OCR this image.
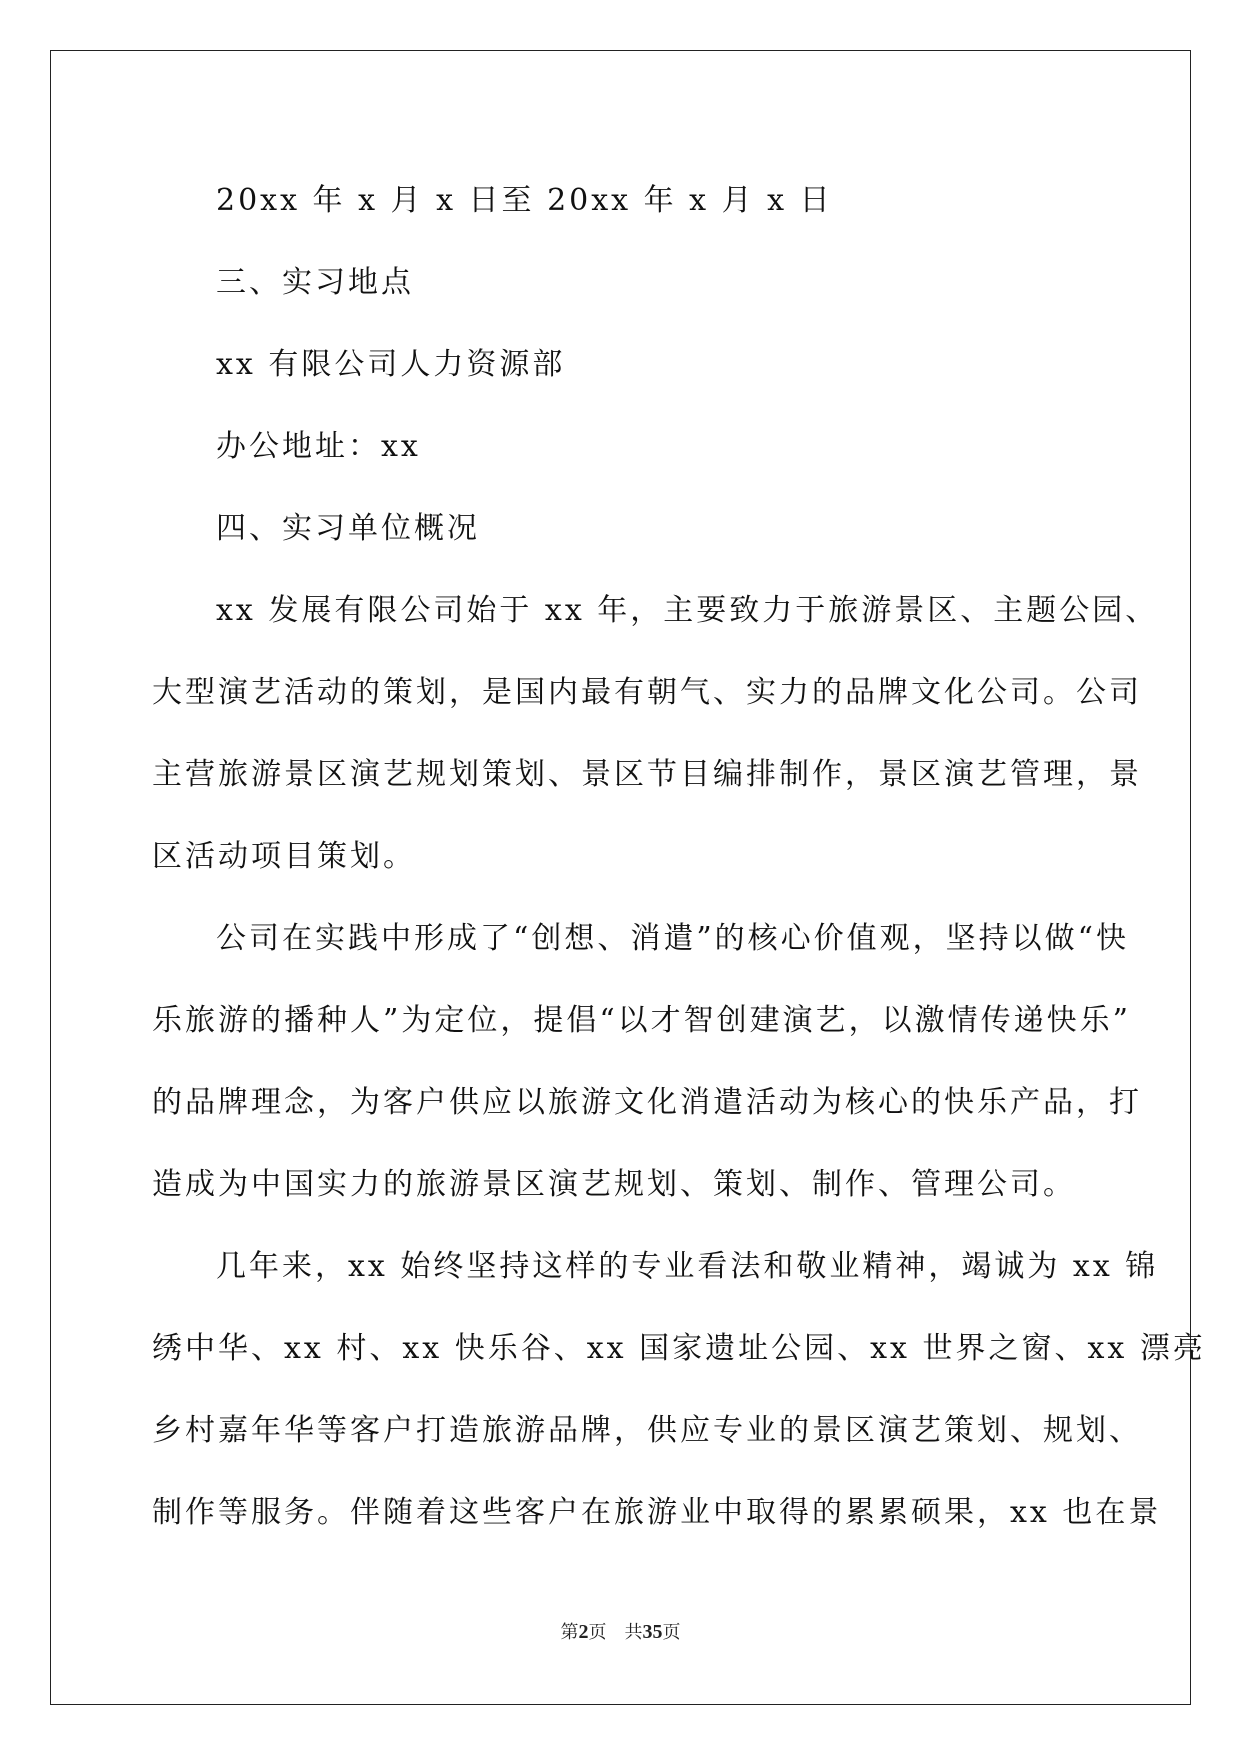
20xx 年 x 月 x 日至 20xx 年 x 月 x 日
三、实习地点
xx 有限公司人力资源部
办公地址：xx
四、实习单位概况
xx 发展有限公司始于 xx 年，主要致力于旅游景区、主题公园、
大型演艺活动的策划，是国内最有朝气、实力的品牌文化公司。公司
主营旅游景区演艺规划策划、景区节目编排制作，景区演艺管理，景
区活动项目策划。
公司在实践中形成了“创想、消遣”的核心价值观，坚持以做“快
乐旅游的播种人”为定位，提倡“以才智创建演艺，以激情传递快乐”
的品牌理念，为客户供应以旅游文化消遣活动为核心的快乐产品，打
造成为中国实力的旅游景区演艺规划、策划、制作、管理公司。
几年来，xx 始终坚持这样的专业看法和敬业精神，竭诚为 xx 锦
绣中华、xx 村、xx 快乐谷、xx 国家遗址公园、xx 世界之窗、xx 漂亮
乡村嘉年华等客户打造旅游品牌，供应专业的景区演艺策划、规划、
制作等服务。伴随着这些客户在旅游业中取得的累累硕果，xx 也在景
第2页　共35页
